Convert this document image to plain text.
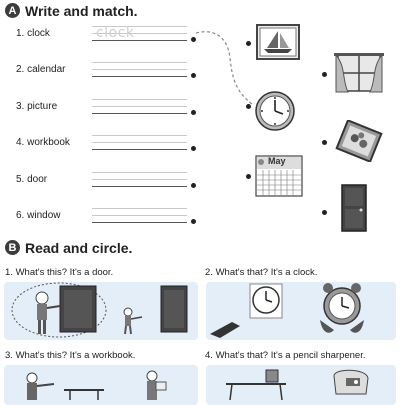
A Write and match.
1. clock	clock
2. calendar
3. picture
4. workbook
5. door
6. window
May
B Read and circle.
1. What's this? It's a door.	2. What's that? It's a clock.
3. What's this? It's a workbook.	4. What's that? It's a pencil sharpener.
